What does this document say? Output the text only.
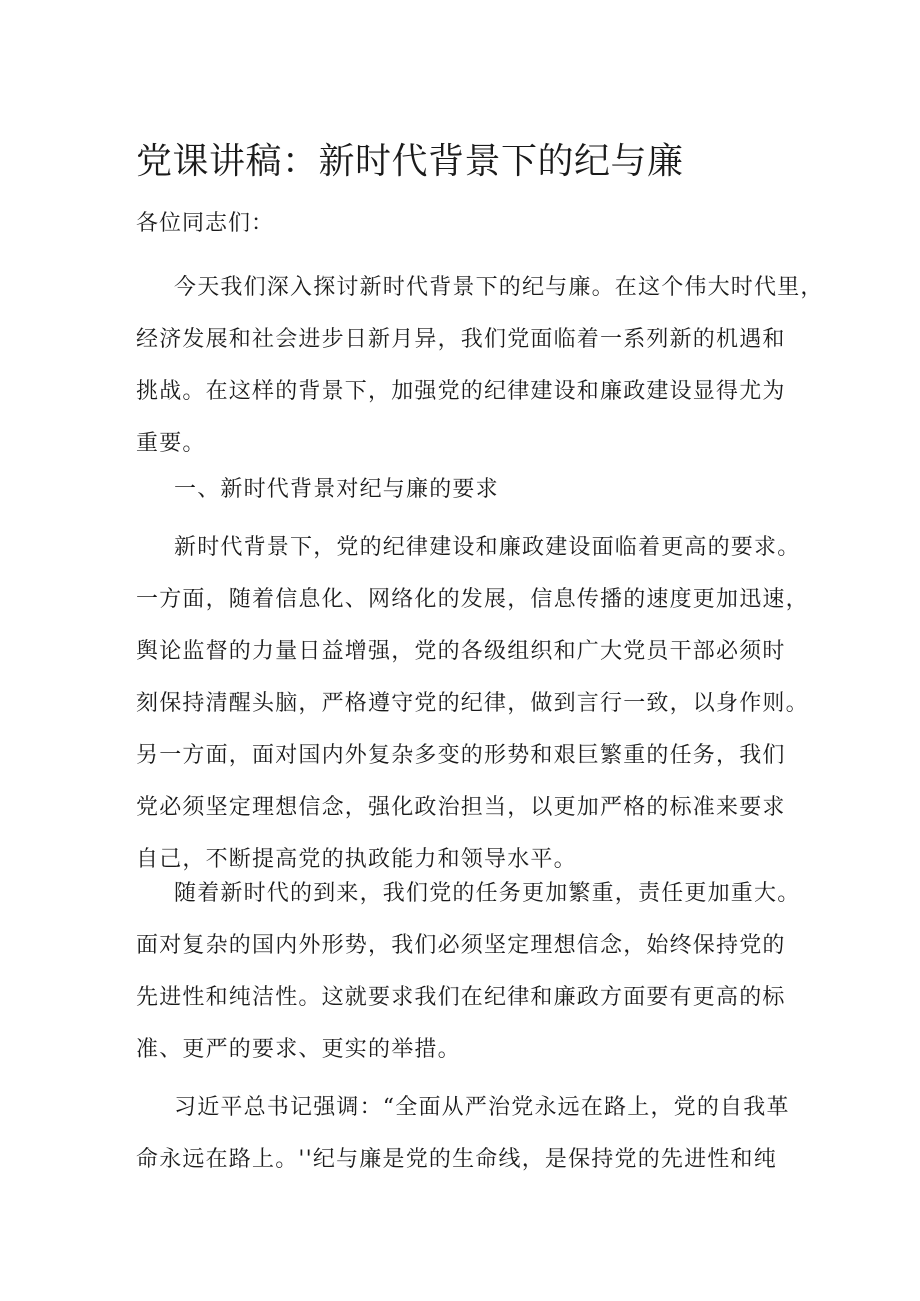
党课讲稿：新时代背景下的纪与廉
各位同志们：
今天我们深入探讨新时代背景下的纪与廉。在这个伟大时代里，
经济发展和社会进步日新月异，我们党面临着一系列新的机遇和
挑战。在这样的背景下，加强党的纪律建设和廉政建设显得尤为
重要。
一、新时代背景对纪与廉的要求
新时代背景下，党的纪律建设和廉政建设面临着更高的要求。
一方面，随着信息化、网络化的发展，信息传播的速度更加迅速，
舆论监督的力量日益增强，党的各级组织和广大党员干部必须时
刻保持清醒头脑，严格遵守党的纪律，做到言行一致，以身作则。
另一方面，面对国内外复杂多变的形势和艰巨繁重的任务，我们
党必须坚定理想信念，强化政治担当，以更加严格的标准来要求
自己，不断提高党的执政能力和领导水平。
随着新时代的到来，我们党的任务更加繁重，责任更加重大。
面对复杂的国内外形势，我们必须坚定理想信念，始终保持党的
先进性和纯洁性。这就要求我们在纪律和廉政方面要有更高的标
准、更严的要求、更实的举措。
习近平总书记强调：“全面从严治党永远在路上，党的自我革
命永远在路上。''纪与廉是党的生命线，是保持党的先进性和纯
